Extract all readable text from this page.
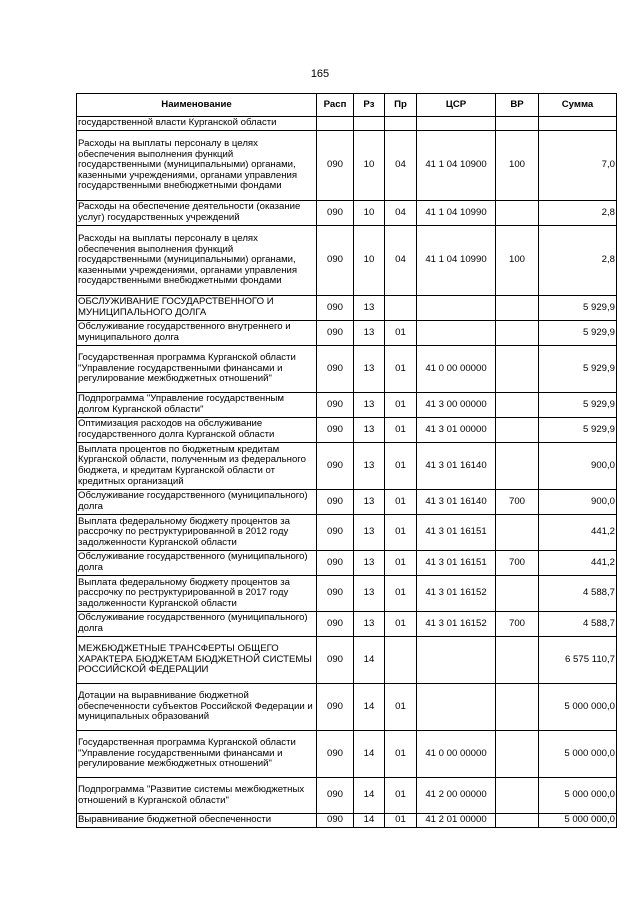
165
Наименование	Расп	Рз	Пр	ЦСР	ВР	Сумма
государственной власти Курганской области						
Расходы на выплаты персоналу в целях обеспечения выполнения функций государственными (муниципальными) органами, казенными учреждениями, органами управления государственными внебюджетными фондами	090	10	04	41 1 04 10900	100	7,0
Расходы на обеспечение деятельности (оказание услуг) государственных учреждений	090	10	04	41 1 04 10990		2,8
Расходы на выплаты персоналу в целях обеспечения выполнения функций государственными (муниципальными) органами, казенными учреждениями, органами управления государственными внебюджетными фондами	090	10	04	41 1 04 10990	100	2,8
ОБСЛУЖИВАНИЕ ГОСУДАРСТВЕННОГО И МУНИЦИПАЛЬНОГО ДОЛГА	090	13				5 929,9
Обслуживание государственного внутреннего и муниципального долга	090	13	01			5 929,9
Государственная программа Курганской области "Управление государственными финансами и регулирование межбюджетных отношений"	090	13	01	41 0 00 00000		5 929,9
Подпрограмма "Управление государственным долгом Курганской области"	090	13	01	41 3 00 00000		5 929,9
Оптимизация расходов на обслуживание государственного долга Курганской области	090	13	01	41 3 01 00000		5 929,9
Выплата процентов по бюджетным кредитам Курганской области, полученным из федерального бюджета, и кредитам Курганской области от кредитных организаций	090	13	01	41 3 01 16140		900,0
Обслуживание государственного (муниципального) долга	090	13	01	41 3 01 16140	700	900,0
Выплата федеральному бюджету процентов за рассрочку по реструктурированной в 2012 году задолженности Курганской области	090	13	01	41 3 01 16151		441,2
Обслуживание государственного (муниципального) долга	090	13	01	41 3 01 16151	700	441,2
Выплата федеральному бюджету процентов за рассрочку по реструктурированной в 2017 году задолженности Курганской области	090	13	01	41 3 01 16152		4 588,7
Обслуживание государственного (муниципального) долга	090	13	01	41 3 01 16152	700	4 588,7
МЕЖБЮДЖЕТНЫЕ ТРАНСФЕРТЫ ОБЩЕГО ХАРАКТЕРА БЮДЖЕТАМ БЮДЖЕТНОЙ СИСТЕМЫ РОССИЙСКОЙ ФЕДЕРАЦИИ	090	14				6 575 110,7
Дотации на выравнивание бюджетной обеспеченности субъектов Российской Федерации и муниципальных образований	090	14	01			5 000 000,0
Государственная программа Курганской области "Управление государственными финансами и регулирование межбюджетных отношений"	090	14	01	41 0 00 00000		5 000 000,0
Подпрограмма "Развитие системы межбюджетных отношений в Курганской области"	090	14	01	41 2 00 00000		5 000 000,0
Выравнивание бюджетной обеспеченности	090	14	01	41 2 01 00000		5 000 000,0
